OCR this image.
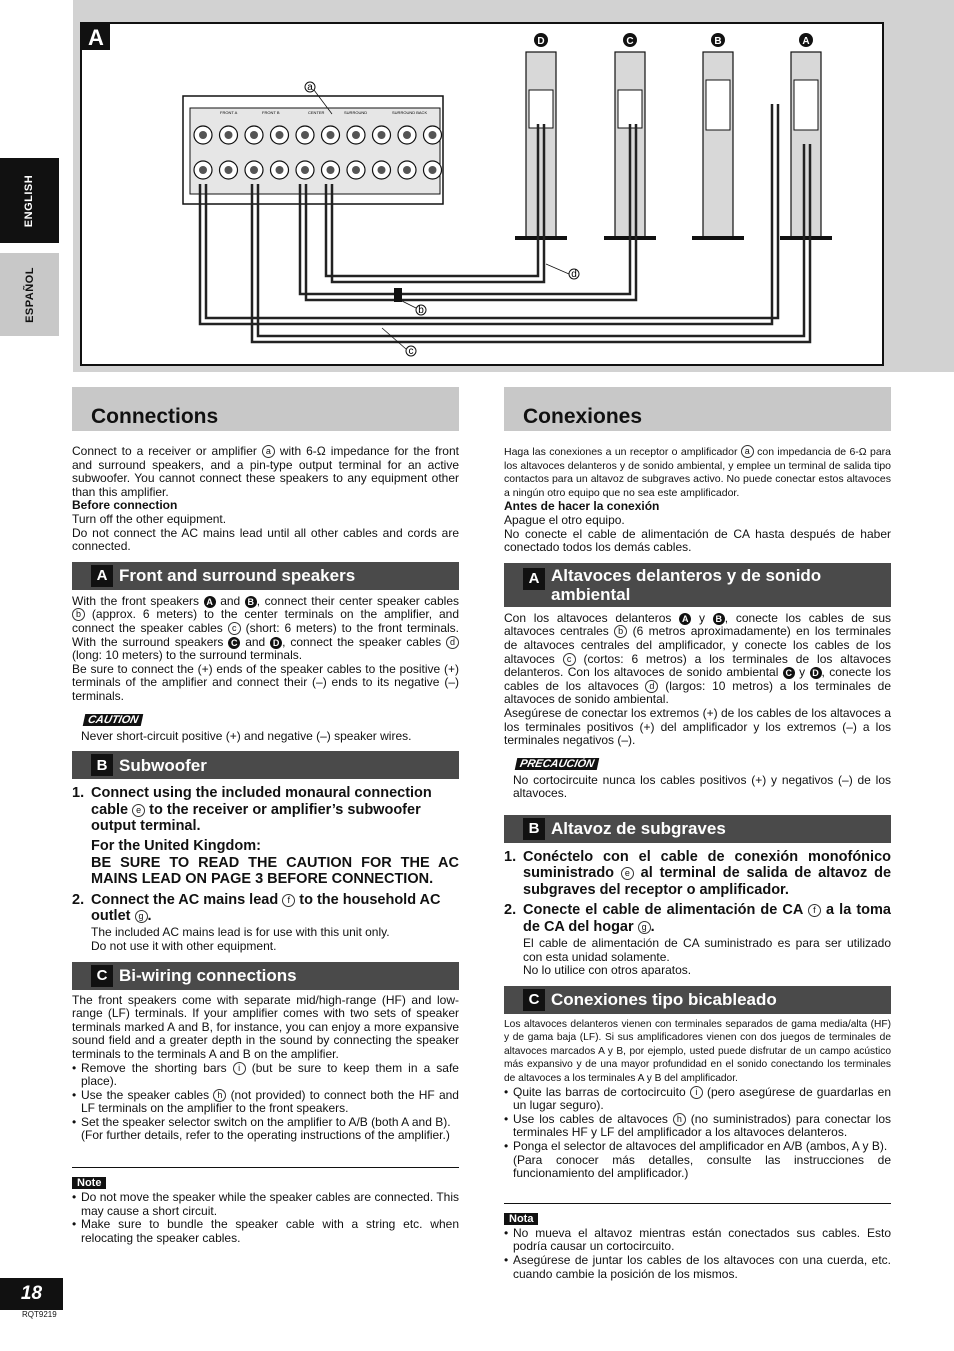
A
FRONT A	FRONT B	CENTER	SURROUND	SURROUND BACK
D	C	B	A
a
d
b
c
ENGLISH
ESPAÑOL
Connections

Connect to a receiver or amplifier a with 6-Ω impedance for the front and surround speakers, and a pin-type output terminal for an active subwoofer. You cannot connect these speakers to any equipment other than this amplifier.

Before connection

Turn off the other equipment.

Do not connect the AC mains lead until all other cables and cords are connected.

A Front and surround speakers

With the front speakers A and B , connect their center speaker cables b (approx. 6 meters) to the center terminals on the amplifier, and connect the speaker cables c (short: 6 meters) to the front terminals. With the surround speakers C and D , connect the speaker cables d (long: 10 meters) to the surround terminals.

Be sure to connect the (+) ends of the speaker cables to the positive (+) terminals of the amplifier and connect their (–) ends to its negative (–) terminals.

CAUTION

Never short-circuit positive (+) and negative (–) speaker wires.

B Subwoofer
1. Connect using the included monaural connection cable e to the receiver or amplifier’s subwoofer output terminal.
For the United Kingdom:
BE SURE TO READ THE CAUTION FOR THE AC MAINS LEAD ON PAGE 3 BEFORE CONNECTION.
2. Connect the AC mains lead f to the household AC outlet g .
The included AC mains lead is for use with this unit only.
Do not use it with other equipment.
C Bi-wiring connections

The front speakers come with separate mid/high-range (HF) and low-range (LF) terminals. If your amplifier comes with two sets of speaker terminals marked A and B, for instance, you can enjoy a more expansive sound field and a greater depth in the sound by connecting the speaker terminals to the terminals A and B on the amplifier.

• Remove the shorting bars i (but be sure to keep them in a safe place).
• Use the speaker cables h (not provided) to connect both the HF and LF terminals on the amplifier to the front speakers.
• Set the speaker selector switch on the amplifier to A/B (both A and B).
(For further details, refer to the operating instructions of the amplifier.)
Note
• Do not move the speaker while the speaker cables are connected. This may cause a short circuit.
• Make sure to bundle the speaker cable with a string etc. when relocating the speaker cables.
Conexiones

Haga las conexiones a un receptor o amplificador a con impedancia de 6-Ω para los altavoces delanteros y de sonido ambiental, y emplee un terminal de salida tipo contactos para un altavoz de subgraves activo. No puede conectar estos altavoces a ningún otro equipo que no sea este amplificador.

Antes de hacer la conexión

Apague el otro equipo.

No conecte el cable de alimentación de CA hasta después de haber conectado todos los demás cables.

A Altavoces delanteros y de sonido ambiental

Con los altavoces delanteros A y B , conecte los cables de sus altavoces centrales b (6 metros aproximadamente) en los terminales de altavoces centrales del amplificador, y conecte los cables de los altavoces c (cortos: 6 metros) a los terminales de los altavoces delanteros. Con los altavoces de sonido ambiental C y D , conecte los cables de los altavoces d (largos: 10 metros) a los terminales de altavoces de sonido ambiental.

Asegúrese de conectar los extremos (+) de los cables de los altavoces a los terminales positivos (+) del amplificador y los extremos (–) a los terminales negativos (–).

PRECAUCIÓN

No cortocircuite nunca los cables positivos (+) y negativos (–) de los altavoces.

B Altavoz de subgraves
1. Conéctelo con el cable de conexión monofónico suministrado e al terminal de salida de altavoz de subgraves del receptor o amplificador.
2. Conecte el cable de alimentación de CA f a la toma de CA del hogar g .
El cable de alimentación de CA suministrado es para ser utilizado con esta unidad solamente.
No lo utilice con otros aparatos.
C Conexiones tipo bicableado

Los altavoces delanteros vienen con terminales separados de gama media/alta (HF) y de gama baja (LF). Si sus amplificadores vienen con dos juegos de terminales de altavoces marcados A y B, por ejemplo, usted puede disfrutar de un campo acústico más expansivo y de una mayor profundidad en el sonido conectando los terminales de altavoces a los terminales A y B del amplificador.

• Quite las barras de cortocircuito i (pero asegúrese de guardarlas en un lugar seguro).
• Use los cables de altavoces h (no suministrados) para conectar los terminales HF y LF del amplificador a los altavoces delanteros.
• Ponga el selector de altavoces del amplificador en A/B (ambos, A y B).
(Para conocer más detalles, consulte las instrucciones de funcionamiento del amplificador.)
Nota
• No mueva el altavoz mientras están conectados sus cables. Esto podría causar un cortocircuito.
• Asegúrese de juntar los cables de los altavoces con una cuerda, etc. cuando cambie la posición de los mismos.
18
RQT9219
